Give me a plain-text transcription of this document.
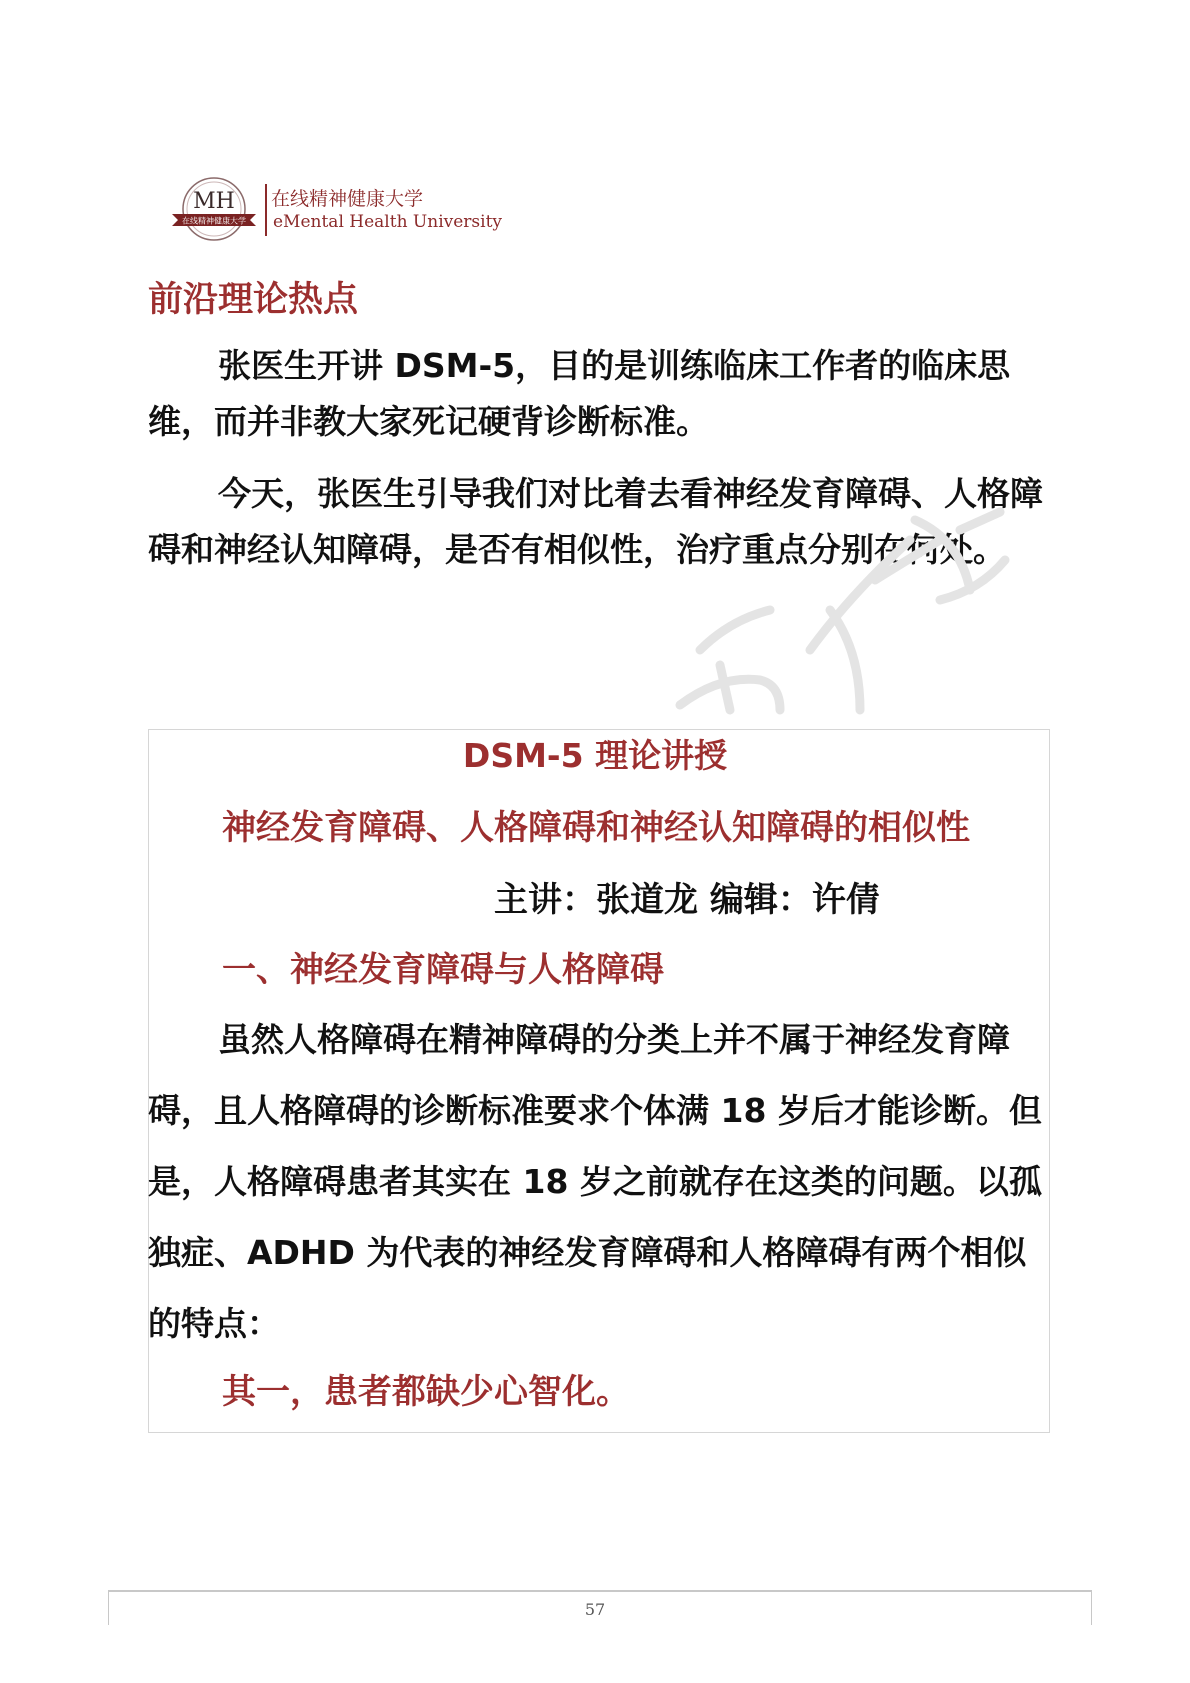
MH
在线精神健康大学
在线精神健康大学
eMental Health University
前沿理论热点

张医生开讲 DSM-5，目的是训练临床工作者的临床思维，而并非教大家死记硬背诊断标准。

今天，张医生引导我们对比着去看神经发育障碍、人格障碍和神经认知障碍，是否有相似性，治疗重点分别在何处。

DSM-5 理论讲授
神经发育障碍、人格障碍和神经认知障碍的相似性

主讲：张道龙 编辑：许倩

一、神经发育障碍与人格障碍

虽然人格障碍在精神障碍的分类上并不属于神经发育障碍，且人格障碍的诊断标准要求个体满 18 岁后才能诊断。但是，人格障碍患者其实在 18 岁之前就存在这类的问题。以孤独症、ADHD 为代表的神经发育障碍和人格障碍有两个相似的特点：

其一，患者都缺少心智化。

57
